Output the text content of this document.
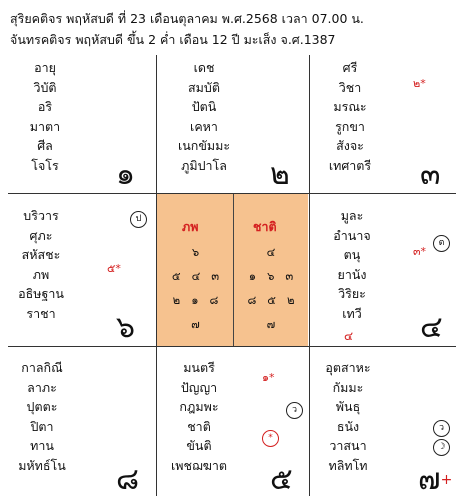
สุริยคติจร พฤหัสบดี ที่ 23 เดือนตุลาคม พ.ศ.2568 เวลา 07.00 น.
จันทรคติจร พฤหัสบดี ขึ้น 2 ค่ำ เดือน 12 ปี มะเส็ง จ.ศ.1387
อายุ
วิบัติ
อริ
มาตา
ศีล
โจโร	๑
เดช
สมบัติ
ปัตนิ
เคหา
เนกขัมมะ
ภูมิปาโล	๒
ศรี
วิชา
มรณะ
รูกขา
สังจะ
เทศาตรี
๒*
๓
บริวาร
ศุภะ
สหัสชะ
ภพ
อธิษฐาน
ราชา
ป
๕*
๖
มูละ
อำนาจ
ตนุ
ยานัง
วิริยะ
เทวี
๔
๓*
ต
๔
กาลกิณี
ลาภะ
ปุตตะ
ปิตา
ทาน
มหัทธ์โน ๘
มนตรี
ปัญญา
กฎมพะ
ชาติ
ขันติ
เพชฌฆาต
๑*
ว
*
๕
อุตสาหะ
กัมมะ
พันธุ
ธนัง
วาสนา
ทลิทโท
ว
☽
๗+
ภพ
๖
๕ ๔ ๓
๒ ๑ ๘
๗
ชาติ
๔
๑ ๖ ๓
๘ ๕ ๒
๗
